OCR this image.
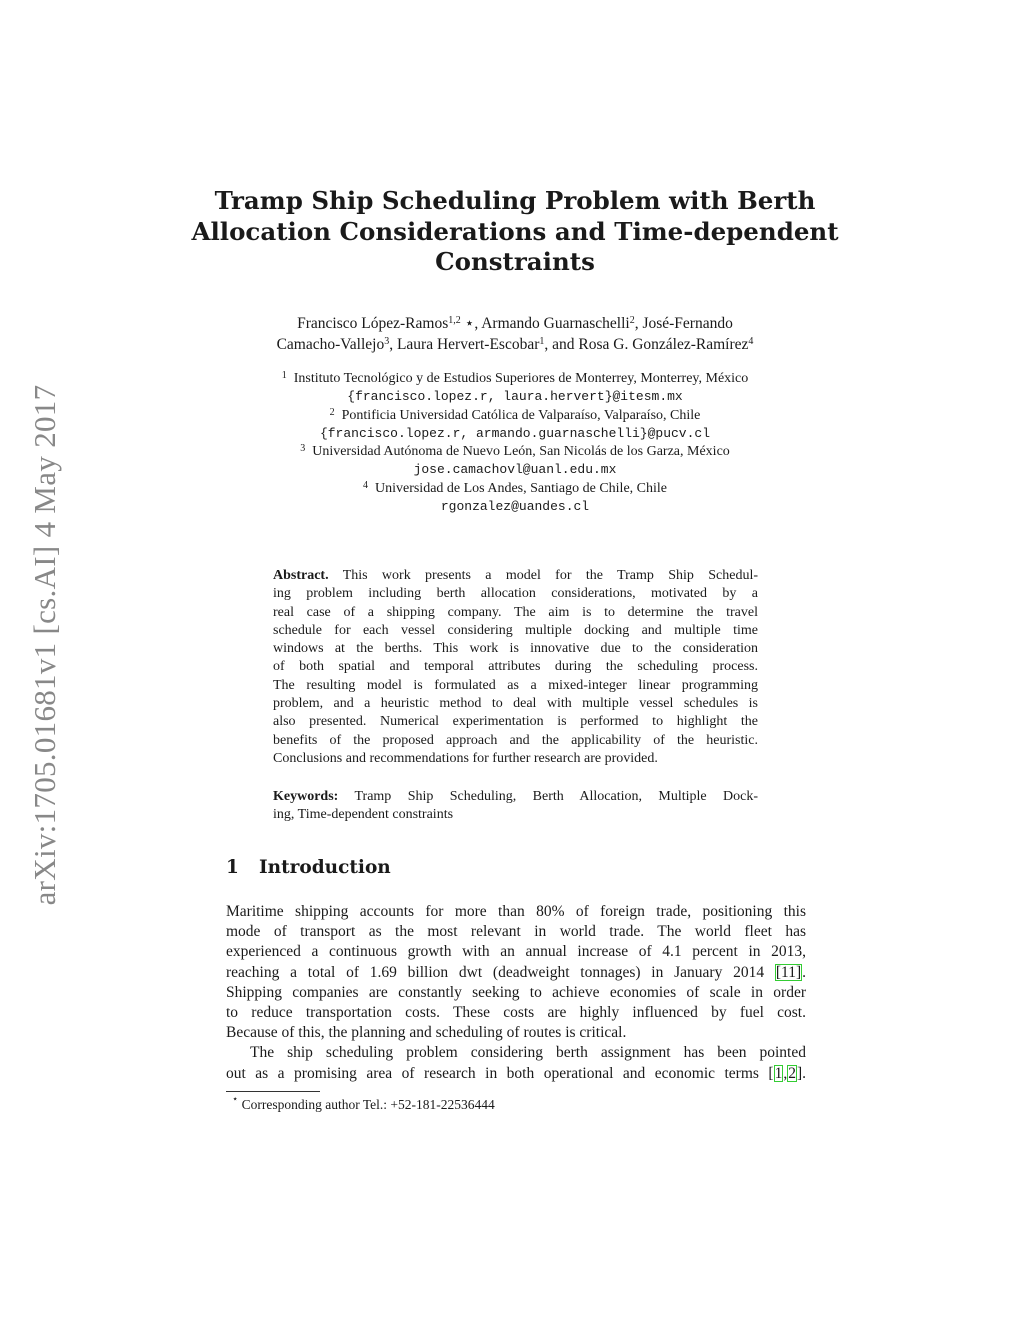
arXiv:1705.01681v1 [cs.AI] 4 May 2017
Tramp Ship Scheduling Problem with Berth
Allocation Considerations and Time-dependent
Constraints
Francisco López-Ramos$^{1,2}$ ⋆, Armando Guarnaschelli$^2$, José-Fernando
Camacho-Vallejo$^3$, Laura Hervert-Escobar$^1$, and Rosa G. González-Ramírez$^4$
$^1$ Instituto Tecnológico y de Estudios Superiores de Monterrey, Monterrey, México
{francisco.lopez.r, laura.hervert}@itesm.mx
$^2$ Pontificia Universidad Católica de Valparaíso, Valparaíso, Chile
{francisco.lopez.r, armando.guarnaschelli}@pucv.cl
$^3$ Universidad Autónoma de Nuevo León, San Nicolás de los Garza, México
jose.camachovl@uanl.edu.mx
$^4$ Universidad de Los Andes, Santiago de Chile, Chile
rgonzalez@uandes.cl
Abstract. This work presents a model for the Tramp Ship Schedul-
ing problem including berth allocation considerations, motivated by a
real case of a shipping company. The aim is to determine the travel
schedule for each vessel considering multiple docking and multiple time
windows at the berths. This work is innovative due to the consideration
of both spatial and temporal attributes during the scheduling process.
The resulting model is formulated as a mixed-integer linear programming
problem, and a heuristic method to deal with multiple vessel schedules is
also presented. Numerical experimentation is performed to highlight the
benefits of the proposed approach and the applicability of the heuristic.
Conclusions and recommendations for further research are provided.
Keywords: Tramp Ship Scheduling, Berth Allocation, Multiple Dock-
ing, Time-dependent constraints
1 Introduction
Maritime shipping accounts for more than 80% of foreign trade, positioning this
mode of transport as the most relevant in world trade. The world fleet has
experienced a continuous growth with an annual increase of 4.1 percent in 2013,
reaching a total of 1.69 billion dwt (deadweight tonnages) in January 2014 [11].
Shipping companies are constantly seeking to achieve economies of scale in order
to reduce transportation costs. These costs are highly influenced by fuel cost.
Because of this, the planning and scheduling of routes is critical.
The ship scheduling problem considering berth assignment has been pointed
out as a promising area of research in both operational and economic terms [1,2].
⋆ Corresponding author Tel.: +52-181-22536444
